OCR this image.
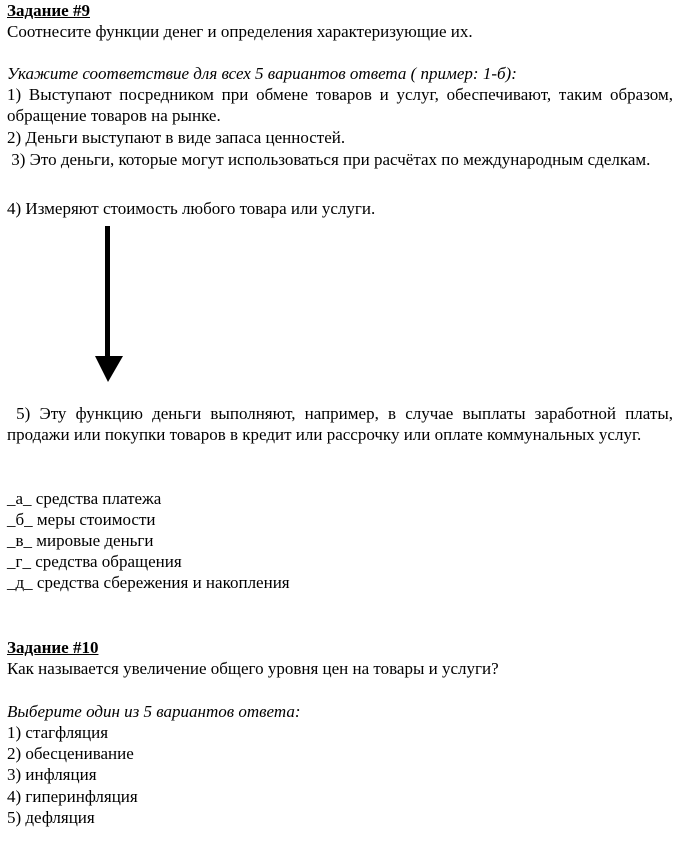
Задание #9
Соотнесите функции денег и определения характеризующие их.
Укажите соответствие для всех 5 вариантов ответа ( пример: 1-б):
1) Выступают посредником при обмене товаров и услуг, обеспечивают, таким образом, обращение товаров на рынке.
2) Деньги выступают в виде запаса ценностей.
3) Это деньги, которые могут использоваться при расчётах по международным сделкам.
4) Измеряют стоимость любого товара или услуги.
5) Эту функцию деньги выполняют, например, в случае выплаты заработной платы, продажи или покупки товаров в кредит или рассрочку или оплате коммунальных услуг.
_а_ средства платежа
_б_ меры стоимости
_в_ мировые деньги
_г_ средства обращения
_д_ средства сбережения и накопления
Задание #10
Как называется увеличение общего уровня цен на товары и услуги?
Выберите один из 5 вариантов ответа:
1) стагфляция
2) обесценивание
3) инфляция
4) гиперинфляция
5) дефляция
